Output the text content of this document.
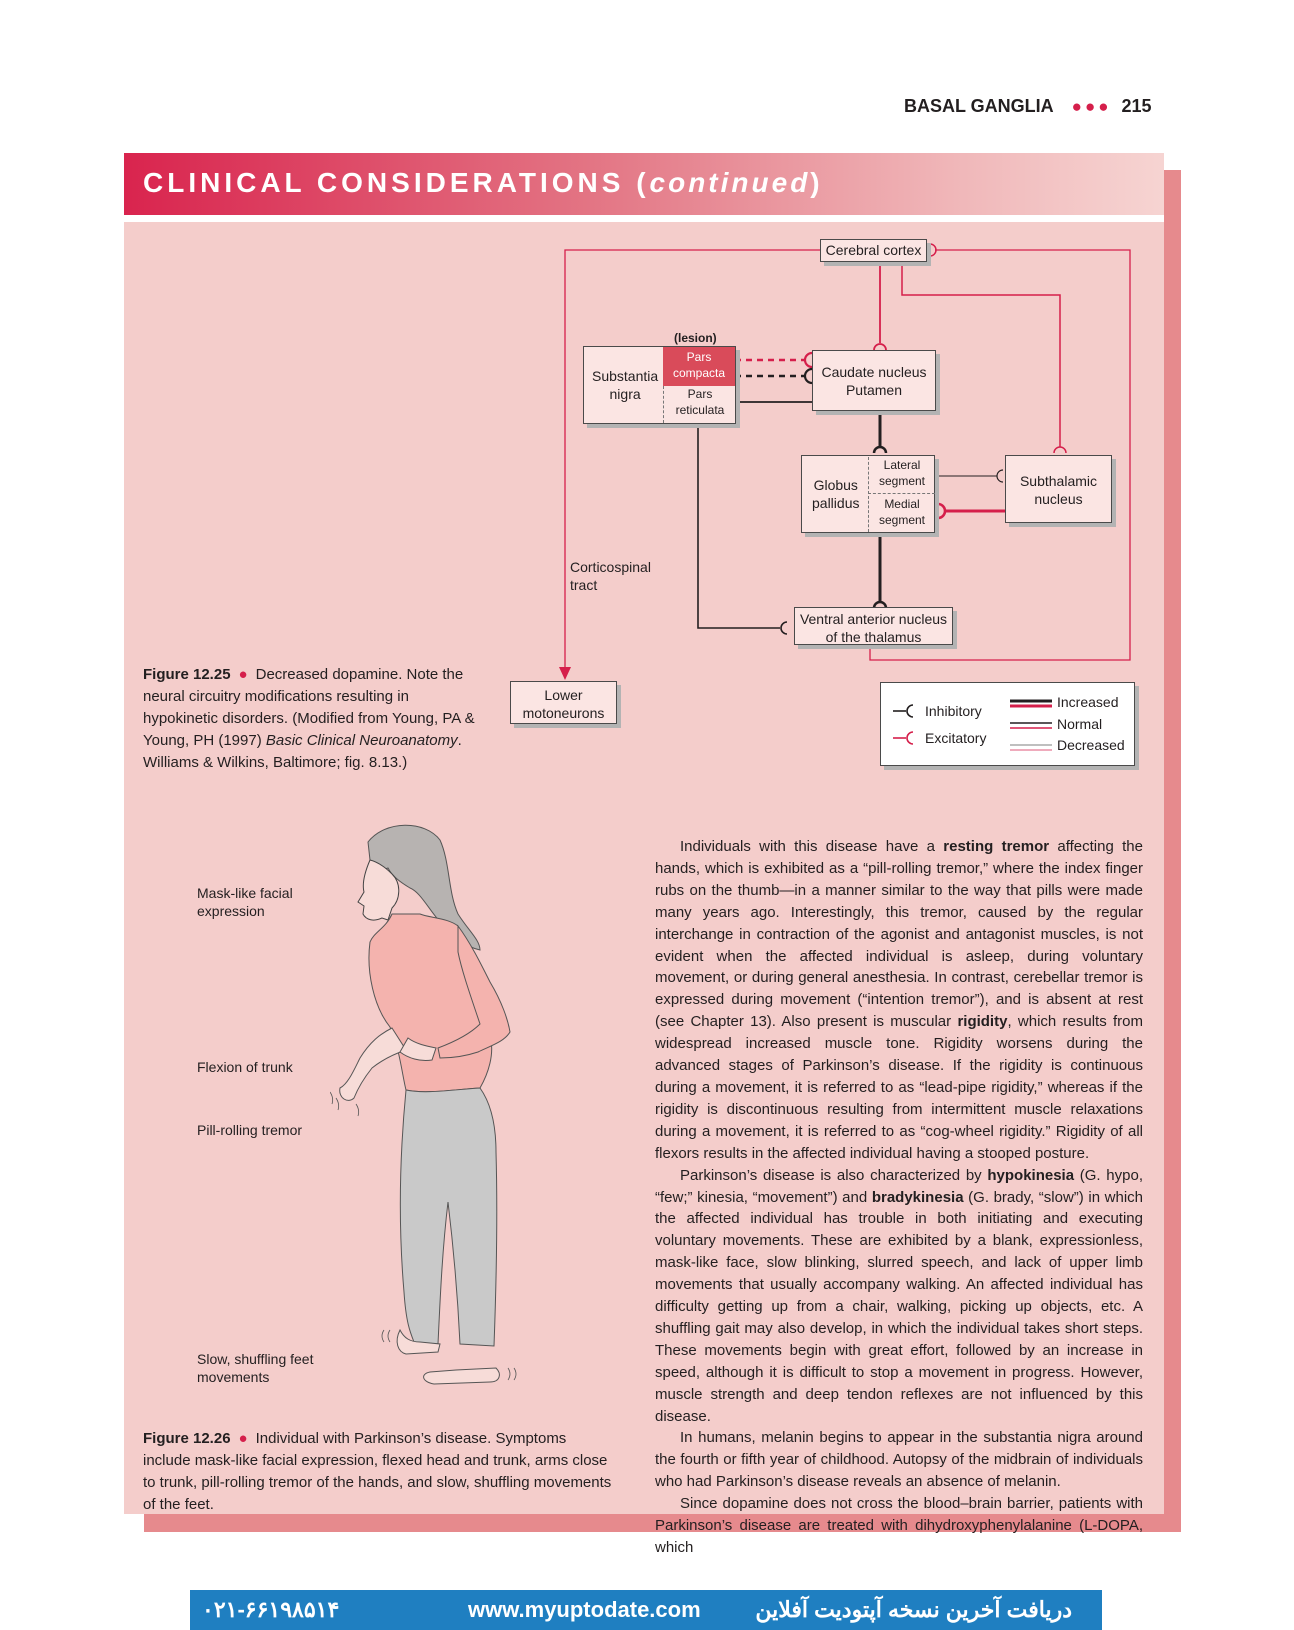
BASAL GANGLIA ●●● 215
CLINICAL CONSIDERATIONS (continued)
Cerebral cortex
(lesion)
Substantia
nigra
Pars
compacta
Pars
reticulata
Caudate nucleus
Putamen
Globus
pallidus
Lateral
segment
Medial
segment
Subthalamic
nucleus
Corticospinal
tract
Ventral anterior nucleus
of the thalamus
Lower
motoneurons	Inhibitory
Excitatory
Increased
Normal
Decreased
Figure 12.25 ● Decreased dopamine. Note the neural circuitry modifications resulting in hypokinetic disorders. (Modified from Young, PA & Young, PH (1997) Basic Clinical Neuroanatomy. Williams & Wilkins, Baltimore; fig. 8.13.)
Mask-like facial
expression
Flexion of trunk
Pill-rolling tremor
Slow, shuffling feet
movements
Figure 12.26 ● Individual with Parkinson’s disease. Symptoms include mask-like facial expression, flexed head and trunk, arms close to trunk, pill-rolling tremor of the hands, and slow, shuffling movements of the feet.

Individuals with this disease have a resting tremor affecting the hands, which is exhibited as a “pill-rolling tremor,” where the index finger rubs on the thumb—in a manner similar to the way that pills were made many years ago. Interestingly, this tremor, caused by the regular interchange in contraction of the agonist and antagonist muscles, is not evident when the affected individual is asleep, during voluntary movement, or during general anesthesia. In contrast, cerebellar tremor is expressed during movement (“intention tremor”), and is absent at rest (see Chapter 13). Also present is muscular rigidity, which results from widespread increased muscle tone. Rigidity worsens during the advanced stages of Parkinson’s disease. If the rigidity is continuous during a movement, it is referred to as “lead-pipe rigidity,” whereas if the rigidity is discontinuous resulting from intermittent muscle relaxations during a movement, it is referred to as “cog-wheel rigidity.” Rigidity of all flexors results in the affected individual having a stooped posture.

Parkinson’s disease is also characterized by hypokinesia (G. hypo, “few;” kinesia, “movement”) and bradykinesia (G. brady, “slow”) in which the affected individual has trouble in both initiating and executing voluntary movements. These are exhibited by a blank, expressionless, mask-like face, slow blinking, slurred speech, and lack of upper limb movements that usually accompany walking. An affected individual has difficulty getting up from a chair, walking, picking up objects, etc. A shuffling gait may also develop, in which the individual takes short steps. These movements begin with great effort, followed by an increase in speed, although it is difficult to stop a movement in progress. However, muscle strength and deep tendon reflexes are not influenced by this disease.

In humans, melanin begins to appear in the substantia nigra around the fourth or fifth year of childhood. Autopsy of the midbrain of individuals who had Parkinson’s disease reveals an absence of melanin.

Since dopamine does not cross the blood–brain barrier, patients with Parkinson’s disease are treated with dihydroxyphenylalanine (L-DOPA, which

۰۲۱-۶۶۱۹۸۵۱۴	www.myuptodate.com دریافت آخرین نسخه آپتودیت آفلاین
